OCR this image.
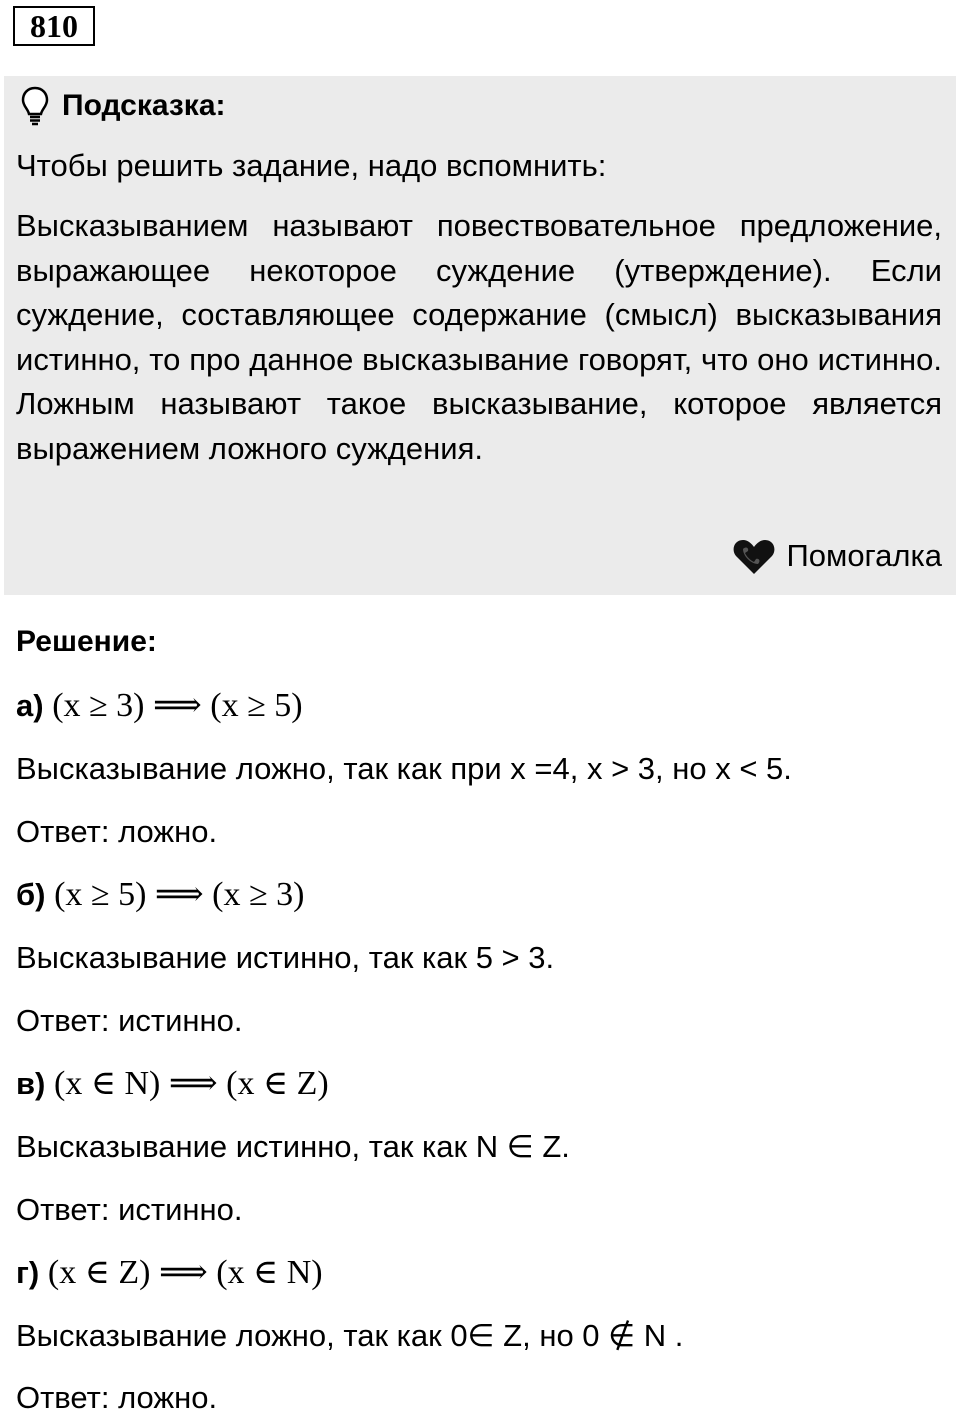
810
Подсказка:
Чтобы решить задание, надо вспомнить:

Высказыванием называют повествовательное предложение, выражающее некоторое суждение (утверждение). Если суждение, составляющее содержание (смысл) высказывания истинно, то про данное высказывание говорят, что оно истинно. Ложным называют такое высказывание, которое является выражением ложного суждения.

Помогалка
Решение:
а) (x ≥ 3) ⟹ (x ≥ 5)
Высказывание ложно, так как при x =4, x > 3, но x < 5.
Ответ: ложно.
б) (x ≥ 5) ⟹ (x ≥ 3)
Высказывание истинно, так как 5 > 3.
Ответ: истинно.
в) (x ∈ N) ⟹ (x ∈ Z)
Высказывание истинно, так как N ∈ Z.
Ответ: истинно.
г) (x ∈ Z) ⟹ (x ∈ N)
Высказывание ложно, так как 0∈ Z, но 0 ∉ N .
Ответ: ложно.
